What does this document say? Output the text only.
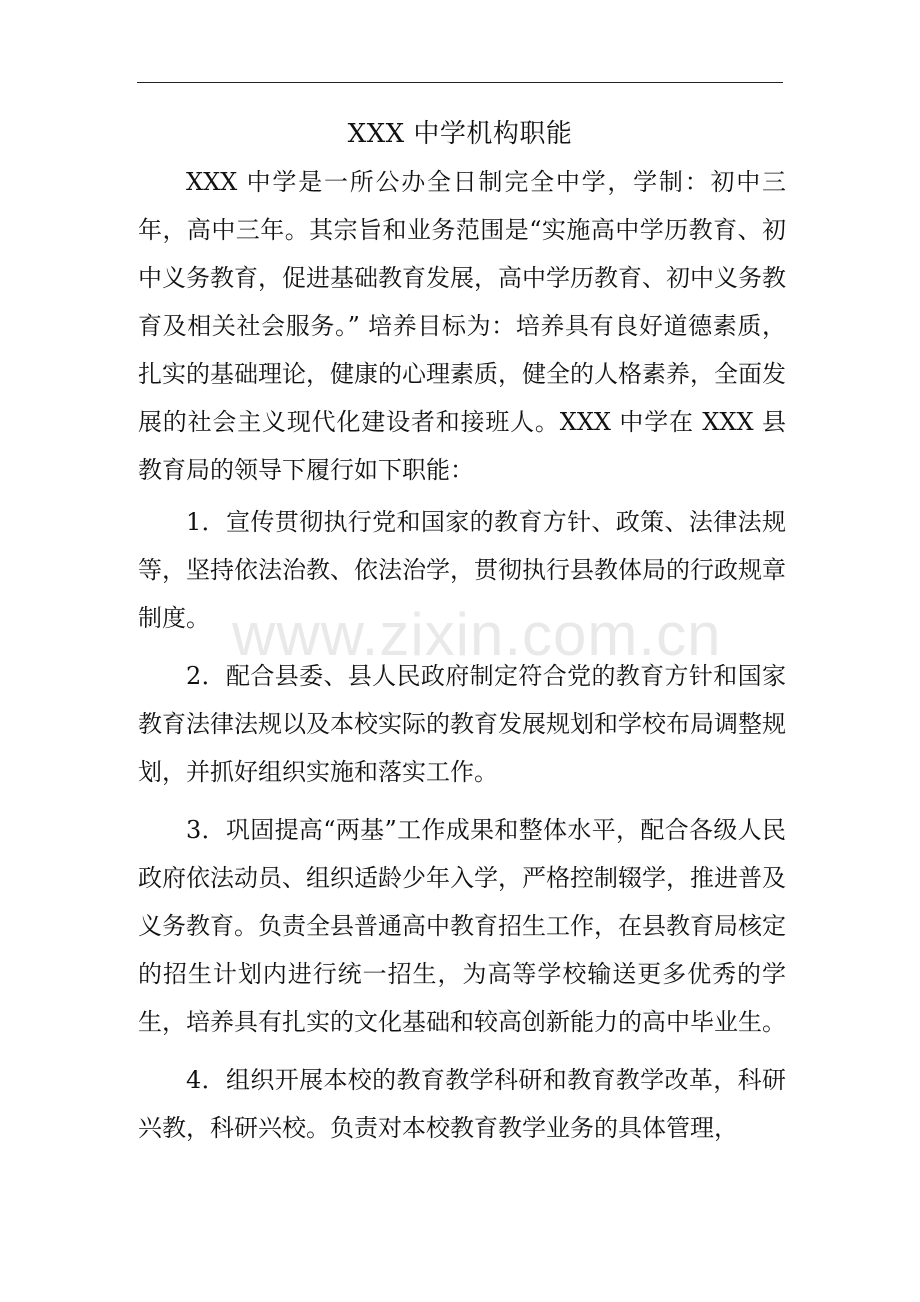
XXX 中学机构职能

XXX 中学是一所公办全日制完全中学，学制：初中三年，高中三年。其宗旨和业务范围是“实施高中学历教育、初中义务教育，促进基础教育发展，高中学历教育、初中义务教育及相关社会服务。” 培养目标为：培养具有良好道德素质，扎实的基础理论，健康的心理素质，健全的人格素养，全面发展的社会主义现代化建设者和接班人。XXX 中学在 XXX 县教育局的领导下履行如下职能：

1．宣传贯彻执行党和国家的教育方针、政策、法律法规等，坚持依法治教、依法治学，贯彻执行县教体局的行政规章制度。

2．配合县委、县人民政府制定符合党的教育方针和国家教育法律法规以及本校实际的教育发展规划和学校布局调整规划，并抓好组织实施和落实工作。

3．巩固提高“两基”工作成果和整体水平，配合各级人民政府依法动员、组织适龄少年入学，严格控制辍学，推进普及义务教育。负责全县普通高中教育招生工作，在县教育局核定的招生计划内进行统一招生，为高等学校输送更多优秀的学生，培养具有扎实的文化基础和较高创新能力的高中毕业生。

4．组织开展本校的教育教学科研和教育教学改革，科研兴教，科研兴校。负责对本校教育教学业务的具体管理，

www.zixin.com.cn
